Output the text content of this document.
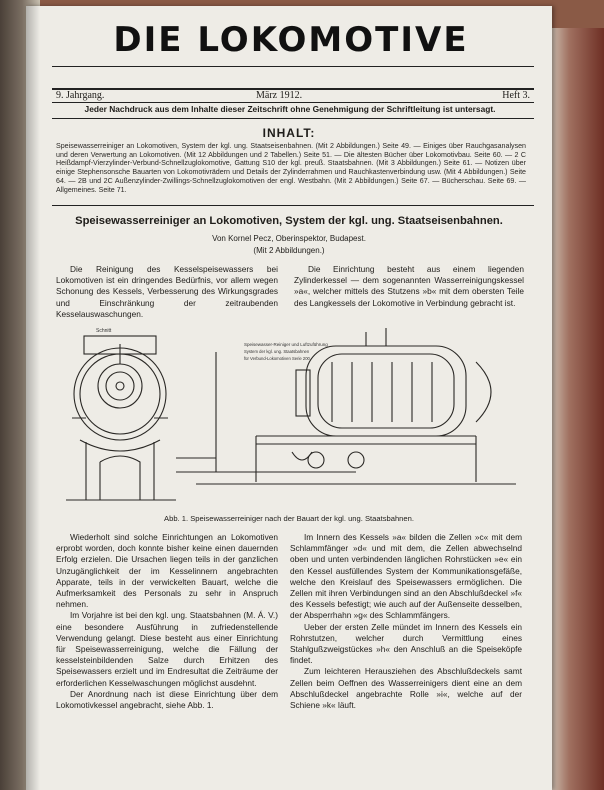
DIE LOKOMOTIVE
9. Jahrgang.	März 1912.	Heft 3.
Jeder Nachdruck aus dem Inhalte dieser Zeitschrift ohne Genehmigung der Schriftleitung ist untersagt.
INHALT:
Speisewasserreiniger an Lokomotiven, System der kgl. ung. Staatseisenbahnen. (Mit 2 Abbildungen.) Seite 49. — Einiges über Rauchgasanalysen und deren Verwertung an Lokomotiven. (Mit 12 Abbildungen und 2 Tabellen.) Seite 51. — Die ältesten Bücher über Lokomotivbau. Seite 60. — 2 C Heißdampf-Vierzylinder-Verbund-Schnellzuglokomotive, Gattung S10 der kgl. preuß. Staatsbahnen. (Mit 3 Abbildungen.) Seite 61. — Notizen über einige Stephensonsche Bauarten von Lokomotivrädern und Details der Zylinderrahmen und Rauchkastenverbindung usw. (Mit 4 Abbildungen.) Seite 64. — 2B und 2C Außenzylinder-Zwillings-Schnellzuglokomotiven der engl. Westbahn. (Mit 2 Abbildungen.) Seite 67. — Bücherschau. Seite 69. — Allgemeines. Seite 71.
Speisewasserreiniger an Lokomotiven, System der kgl. ung. Staatseisenbahnen.
Von Kornel Pecz, Oberinspektor, Budapest.
(Mit 2 Abbildungen.)

Die Reinigung des Kesselspeisewassers bei Lokomotiven ist ein dringendes Bedürfnis, vor allem wegen Schonung des Kessels, Verbesserung des Wirkungsgrades und Einschränkung der zeitraubenden Kesselauswaschungen.

Die Einrichtung besteht aus einem liegenden Zylinderkessel — dem sogenannten Wasserreinigungskessel »a«, welcher mittels des Stutzens »b« mit dem obersten Teile des Langkessels der Lokomotive in Verbindung gebracht ist.

Schnitt
Speisewasser-Reiniger und Luftzuführung
System der kgl. ung. Staatsbahnen
für Verbund-Lokomotiven Serie 200
Abb. 1. Speisewasserreiniger nach der Bauart der kgl. ung. Staatsbahnen.

Wiederholt sind solche Einrichtungen an Lokomotiven erprobt worden, doch konnte bisher keine einen dauernden Erfolg erzielen. Die Ursachen liegen teils in der ganzlichen Unzugänglichkeit der im Kesselinnern angebrachten Apparate, teils in der verwickelten Bauart, welche die Aufmerksamkeit des Personals zu sehr in Anspruch nehmen.

Im Vorjahre ist bei den kgl. ung. Staatsbahnen (M. Á. V.) eine besondere Ausführung in zufriedenstellende Verwendung gelangt. Diese besteht aus einer Einrichtung für Speisewasserreinigung, welche die Fällung der kesselsteinbildenden Salze durch Erhitzen des Speisewassers erzielt und im Endresultat die Zeiträume der erforderlichen Kesselwaschungen möglichst ausdehnt.

Der Anordnung nach ist diese Einrichtung über dem Lokomotivkessel angebracht, siehe Abb. 1.

Im Innern des Kessels »a« bilden die Zellen »c« mit dem Schlammfänger »d« und mit dem, die Zellen abwechselnd oben und unten verbindenden länglichen Rohrstücken »e« ein den Kessel ausfüllendes System der Kommunikationsgefäße, welche den Kreislauf des Speisewassers ermöglichen. Die Zellen mit ihren Verbindungen sind an den Abschlußdeckel »f« des Kessels befestigt; wie auch auf der Außenseite desselben, der Absperrhahn »g« des Schlammfängers.

Ueber der ersten Zelle mündet im Innern des Kessels ein Rohrstutzen, welcher durch Vermittlung eines Stahlgußzweigstückes »h« den Anschluß an die Speiseköpfe findet.

Zum leichteren Herausziehen des Abschlußdeckels samt Zellen beim Oeffnen des Wasserreinigers dient eine an dem Abschlußdeckel angebrachte Rolle »i«, welche auf der Schiene »k« läuft.
